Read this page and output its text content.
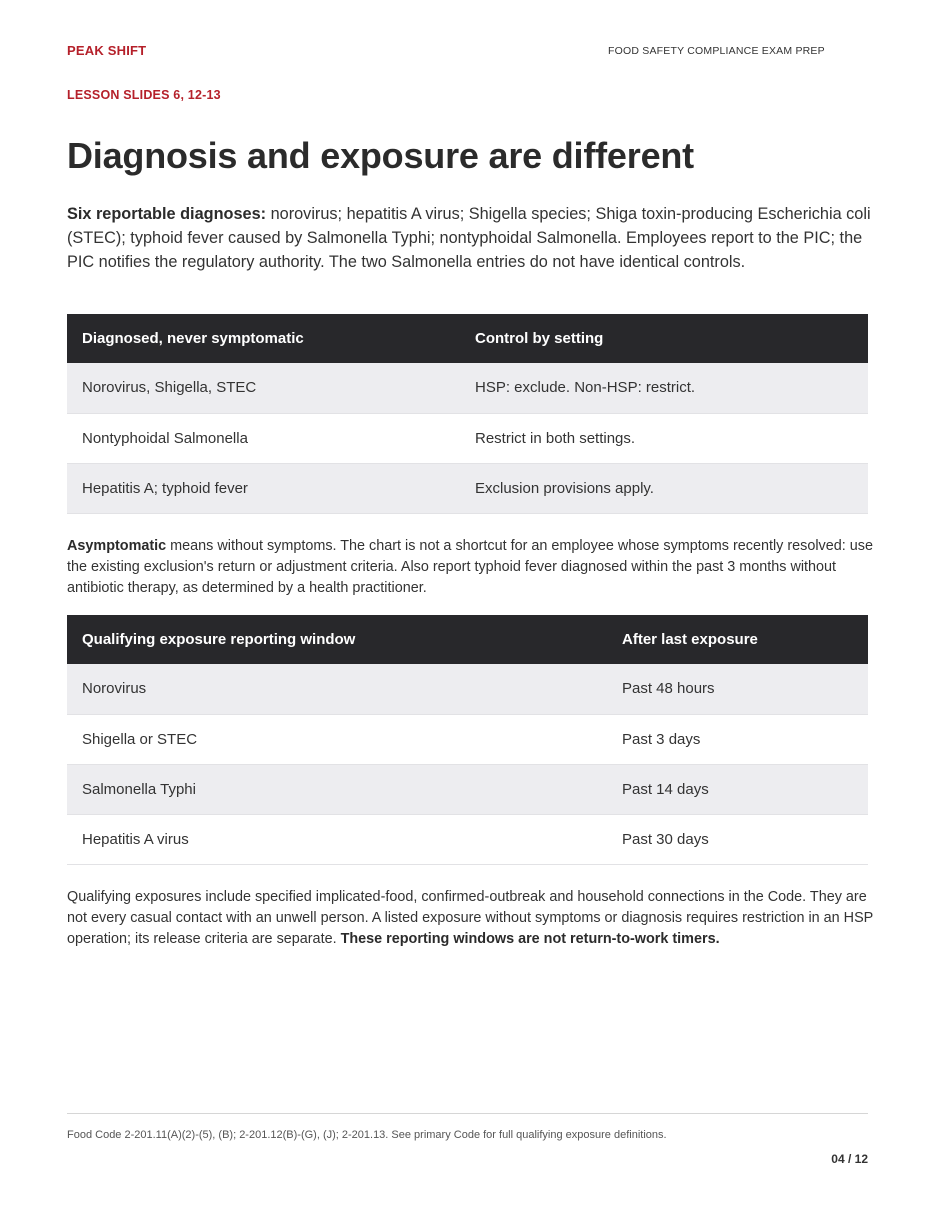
PEAK SHIFT	FOOD SAFETY COMPLIANCE EXAM PREP
LESSON SLIDES 6, 12-13
Diagnosis and exposure are different

Six reportable diagnoses: norovirus; hepatitis A virus; Shigella species; Shiga toxin-producing Escherichia coli (STEC); typhoid fever caused by Salmonella Typhi; nontyphoidal Salmonella. Employees report to the PIC; the PIC notifies the regulatory authority. The two Salmonella entries do not have identical controls.

Diagnosed, never symptomatic	Control by setting
Norovirus, Shigella, STEC	HSP: exclude. Non-HSP: restrict.
Nontyphoidal Salmonella	Restrict in both settings.
Hepatitis A; typhoid fever	Exclusion provisions apply.

Asymptomatic means without symptoms. The chart is not a shortcut for an employee whose symptoms recently resolved: use the existing exclusion's return or adjustment criteria. Also report typhoid fever diagnosed within the past 3 months without antibiotic therapy, as determined by a health practitioner.

Qualifying exposure reporting window	After last exposure
Norovirus	Past 48 hours
Shigella or STEC	Past 3 days
Salmonella Typhi	Past 14 days
Hepatitis A virus	Past 30 days

Qualifying exposures include specified implicated-food, confirmed-outbreak and household connections in the Code. They are not every casual contact with an unwell person. A listed exposure without symptoms or diagnosis requires restriction in an HSP operation; its release criteria are separate. These reporting windows are not return-to-work timers.

Food Code 2-201.11(A)(2)-(5), (B); 2-201.12(B)-(G), (J); 2-201.13. See primary Code for full qualifying exposure definitions.
04 / 12
